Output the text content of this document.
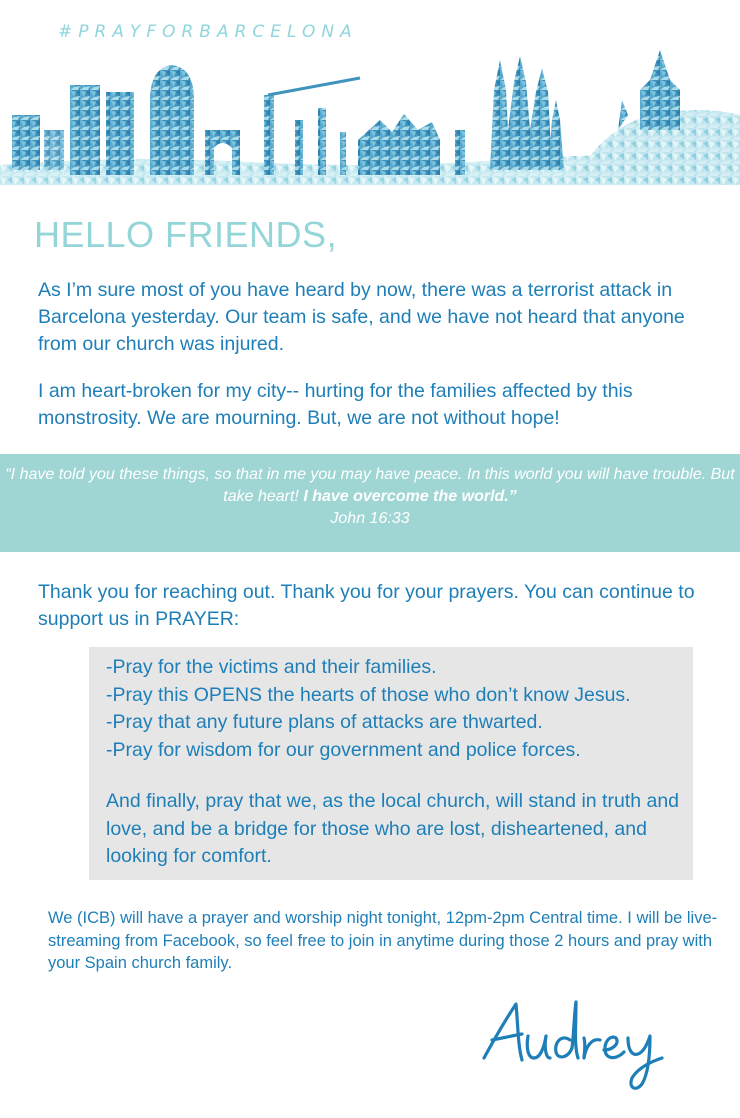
#PRAYFORBARCELONA
HELLO FRIENDS,

As I’m sure most of you have heard by now, there was a terrorist attack in Barcelona yesterday. Our team is safe, and we have not heard that anyone from our church was injured.

I am heart-broken for my city-- hurting for the families affected by this monstrosity. We are mourning. But, we are not without hope!

“I have told you these things, so that in me you may have peace. In this world you will have trouble. But take heart! I have overcome the world.”
John 16:33

Thank you for reaching out. Thank you for your prayers. You can continue to support us in PRAYER:

-Pray for the victims and their families.
-Pray this OPENS the hearts of those who don’t know Jesus.
-Pray that any future plans of attacks are thwarted.
-Pray for wisdom for our government and police forces.

And finally, pray that we, as the local church, will stand in truth and love, and be a bridge for those who are lost, disheartened, and looking for comfort.

We (ICB) will have a prayer and worship night tonight, 12pm-2pm Central time. I will be live-streaming from Facebook, so feel free to join in anytime during those 2 hours and pray with your Spain church family.
